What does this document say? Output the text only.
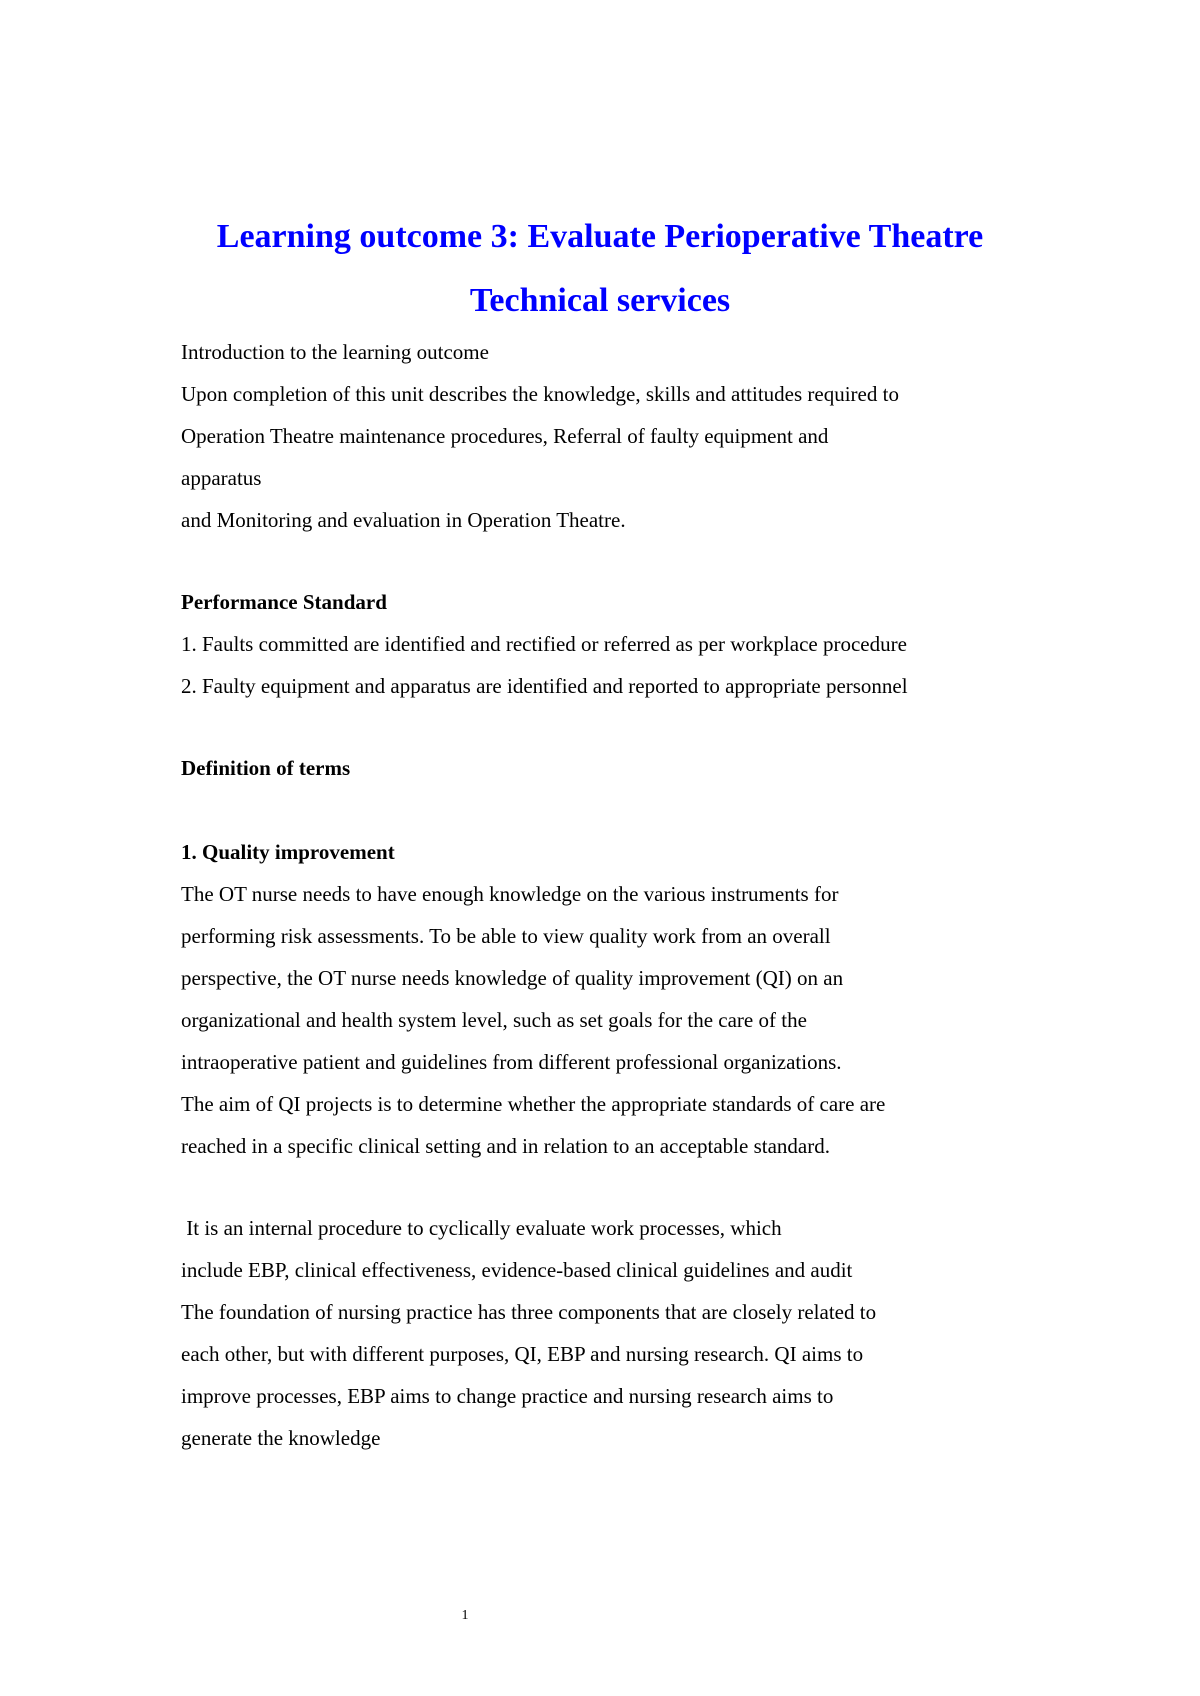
Learning outcome 3: Evaluate Perioperative Theatre
Technical services
Introduction to the learning outcome
Upon completion of this unit describes the knowledge, skills and attitudes required to
Operation Theatre maintenance procedures, Referral of faulty equipment and
apparatus
and Monitoring and evaluation in Operation Theatre.
Performance Standard
1. Faults committed are identified and rectified or referred as per workplace procedure
2. Faulty equipment and apparatus are identified and reported to appropriate personnel
Definition of terms
1. Quality improvement
The OT nurse needs to have enough knowledge on the various instruments for
performing risk assessments. To be able to view quality work from an overall
perspective, the OT nurse needs knowledge of quality improvement (QI) on an
organizational and health system level, such as set goals for the care of the
intraoperative patient and guidelines from different professional organizations.
The aim of QI projects is to determine whether the appropriate standards of care are
reached in a specific clinical setting and in relation to an acceptable standard.
It is an internal procedure to cyclically evaluate work processes, which
include EBP, clinical effectiveness, evidence-based clinical guidelines and audit
The foundation of nursing practice has three components that are closely related to
each other, but with different purposes, QI, EBP and nursing research. QI aims to
improve processes, EBP aims to change practice and nursing research aims to
generate the knowledge
1
